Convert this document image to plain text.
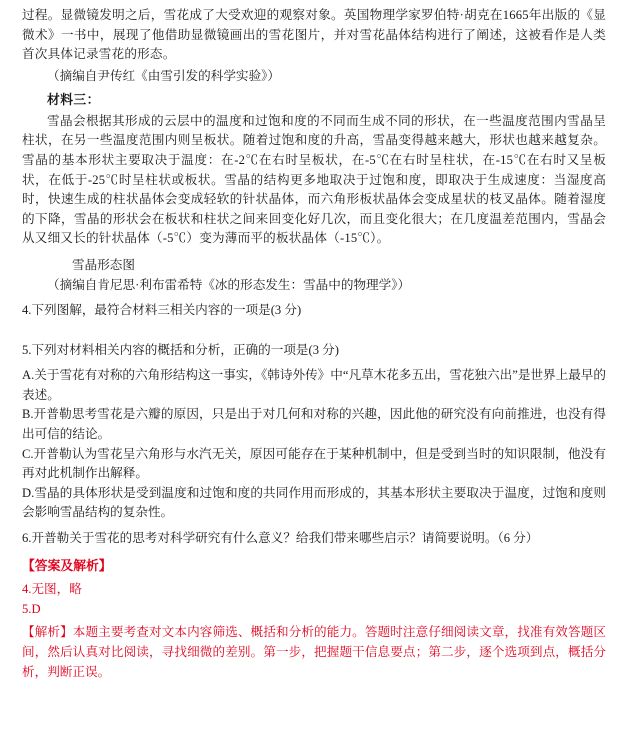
过程。显微镜发明之后，雪花成了大受欢迎的观察对象。英国物理学家罗伯特·胡克在1665年出版的《显微术》一书中，展现了他借助显微镜画出的雪花图片，并对雪花晶体结构进行了阐述，这被看作是人类首次具体记录雪花的形态。

（摘编自尹传红《由雪引发的科学实验》）

材料三：

雪晶会根据其形成的云层中的温度和过饱和度的不同而生成不同的形状，在一些温度范围内雪晶呈柱状，在另一些温度范围内则呈板状。随着过饱和度的升高，雪晶变得越来越大，形状也越来越复杂。雪晶的基本形状主要取决于温度：在-2℃在右时呈板状，在-5℃在右时呈柱状，在-15℃在右时又呈板状，在低于-25℃时呈柱状或板状。雪晶的结构更多地取决于过饱和度，即取决于生成速度：当湿度高时，快速生成的柱状晶体会变成轻软的针状晶体，而六角形板状晶体会变成星状的枝叉晶体。随着湿度的下降，雪晶的形状会在板状和柱状之间来回变化好几次，而且变化很大；在几度温差范围内，雪晶会从又细又长的针状晶体（-5℃）变为薄而平的板状晶体（-15℃）。

雪晶形态图

（摘编自肯尼思·利布雷希特《冰的形态发生：雪晶中的物理学》）

4.下列图解，最符合材料三相关内容的一项是(3 分)

5.下列对材料相关内容的概括和分析，正确的一项是(3 分)

A.关于雪花有对称的六角形结构这一事实，《韩诗外传》中“凡草木花多五出，雪花独六出”是世界上最早的表述。

B.开普勒思考雪花是六瓣的原因，只是出于对几何和对称的兴趣，因此他的研究没有向前推进，也没有得出可信的结论。

C.开普勒认为雪花呈六角形与水汽无关，原因可能存在于某种机制中，但是受到当时的知识限制，他没有再对此机制作出解释。

D.雪晶的具体形状是受到温度和过饱和度的共同作用而形成的，其基本形状主要取决于温度，过饱和度则会影响雪晶结构的复杂性。

6.开普勒关于雪花的思考对科学研究有什么意义？给我们带来哪些启示？请简要说明。（6 分）

【答案及解析】

4.无图，略

5.D

【解析】本题主要考查对文本内容筛选、概括和分析的能力。答题时注意仔细阅读文章，找准有效答题区间，然后认真对比阅读，寻找细微的差别。第一步，把握题干信息要点；第二步，逐个选项到点，概括分析，判断正误。
